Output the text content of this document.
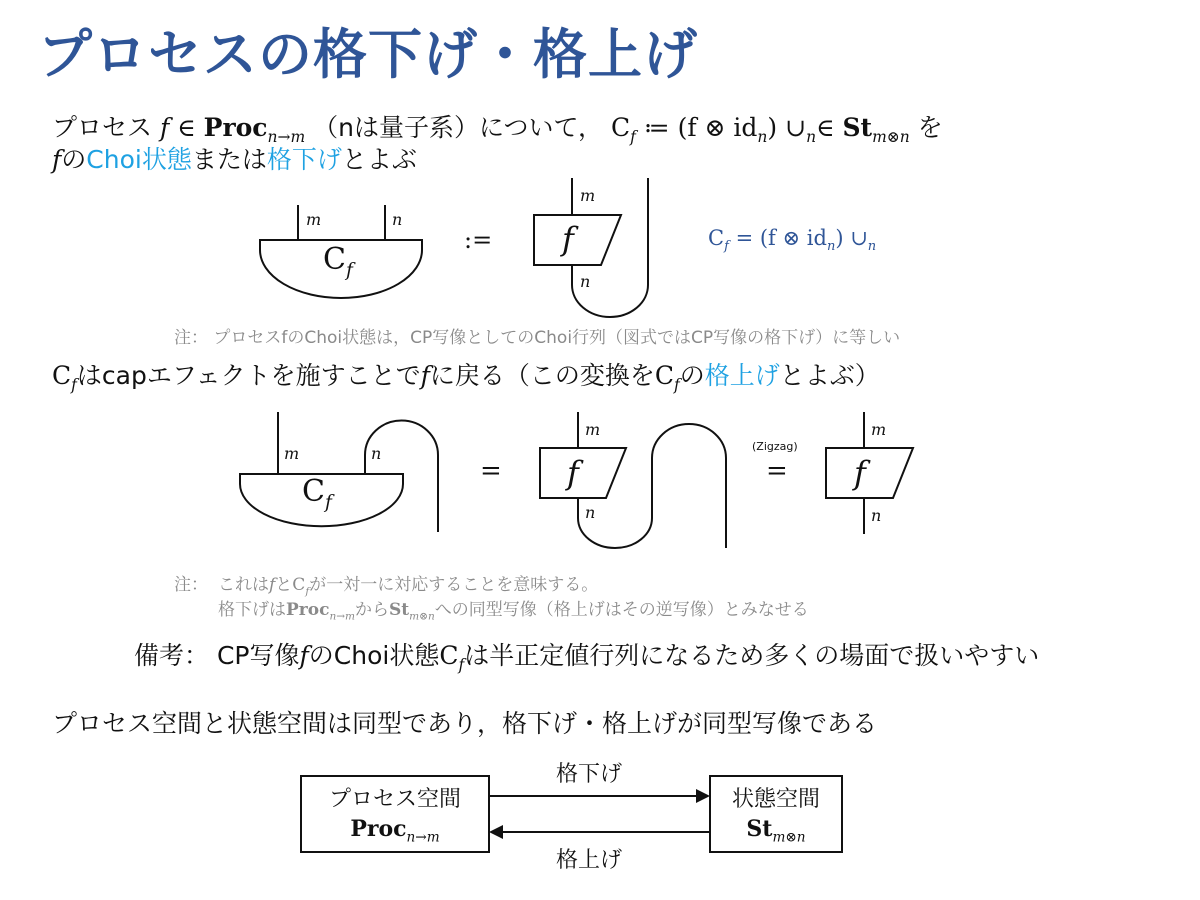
プロセスの格下げ・格上げ
プロセス f ∈ Proc$_{n\to m}$ （nは量子系）について， $C_f$ ≔ (f ⊗ $id_n$) $\cup_n\in$ $St_{m\otimes n}$ を
fのChoi状態または格下げとよぶ
m	n
$C_f$
:= f
m
n
$C_f = (f$ ⊗ $id_n$) $\cup_n$
注： プロセスfのChoi状態は，CP写像としてのChoi行列（図式ではCP写像の格下げ）に等しい
$C_f$はcapエフェクトを施すことでfに戻る（この変換を$C_f$の格上げとよぶ）
m	n
$C_f$
= f
m
n
(Zigzag)
= f
m
n
注： これはfと$C_f$が一対一に対応することを意味する。
格下げはProc$_{n\to m}$から$St_{m\otimes n}$への同型写像（格上げはその逆写像）とみなせる
備考： CP写像fのChoi状態$C_f$は半正定値行列になるため多くの場面で扱いやすい
プロセス空間と状態空間は同型であり，格下げ・格上げが同型写像である
プロセス空間
Proc$_{n\to m}$
状態空間
$St_{m\otimes n}$
格下げ
格上げ
